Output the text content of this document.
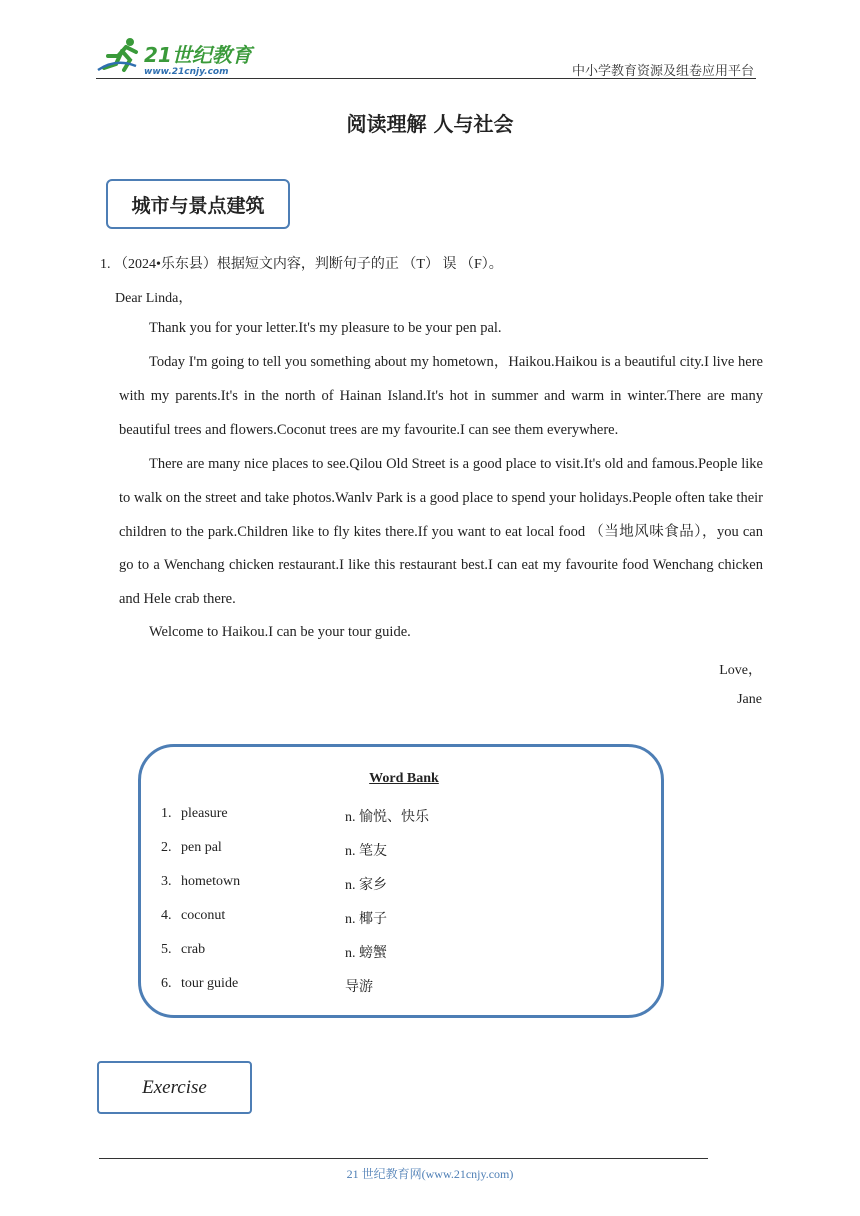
21世纪教育
www.21cnjy.com	中小学教育资源及组卷应用平台
阅读理解 人与社会
城市与景点建筑
1. （2024•乐东县）根据短文内容，判断句子的正 （T） 误 （F）。
Dear Linda，

Thank you for your letter.It's my pleasure to be your pen pal.

Today I'm going to tell you something about my hometown，Haikou.Haikou is a beautiful city.I live here with my parents.It's in the north of Hainan Island.It's hot in summer and warm in winter.There are many beautiful trees and flowers.Coconut trees are my favourite.I can see them everywhere.

There are many nice places to see.Qilou Old Street is a good place to visit.It's old and famous.People like to walk on the street and take photos.Wanlv Park is a good place to spend your holidays.People often take their children to the park.Children like to fly kites there.If you want to eat local food （当地风味食品），you can go to a Wenchang chicken restaurant.I like this restaurant best.I can eat my favourite food Wenchang chicken and Hele crab there.

Welcome to Haikou.I can be your tour guide.

Love，
Jane
Word Bank
1. pleasure	n. 愉悦、快乐
2. pen pal	n. 笔友
3. hometown	n. 家乡
4. coconut	n. 椰子
5. crab	n. 螃蟹
6. tour guide	导游
Exercise
21 世纪教育网(www.21cnjy.com)
